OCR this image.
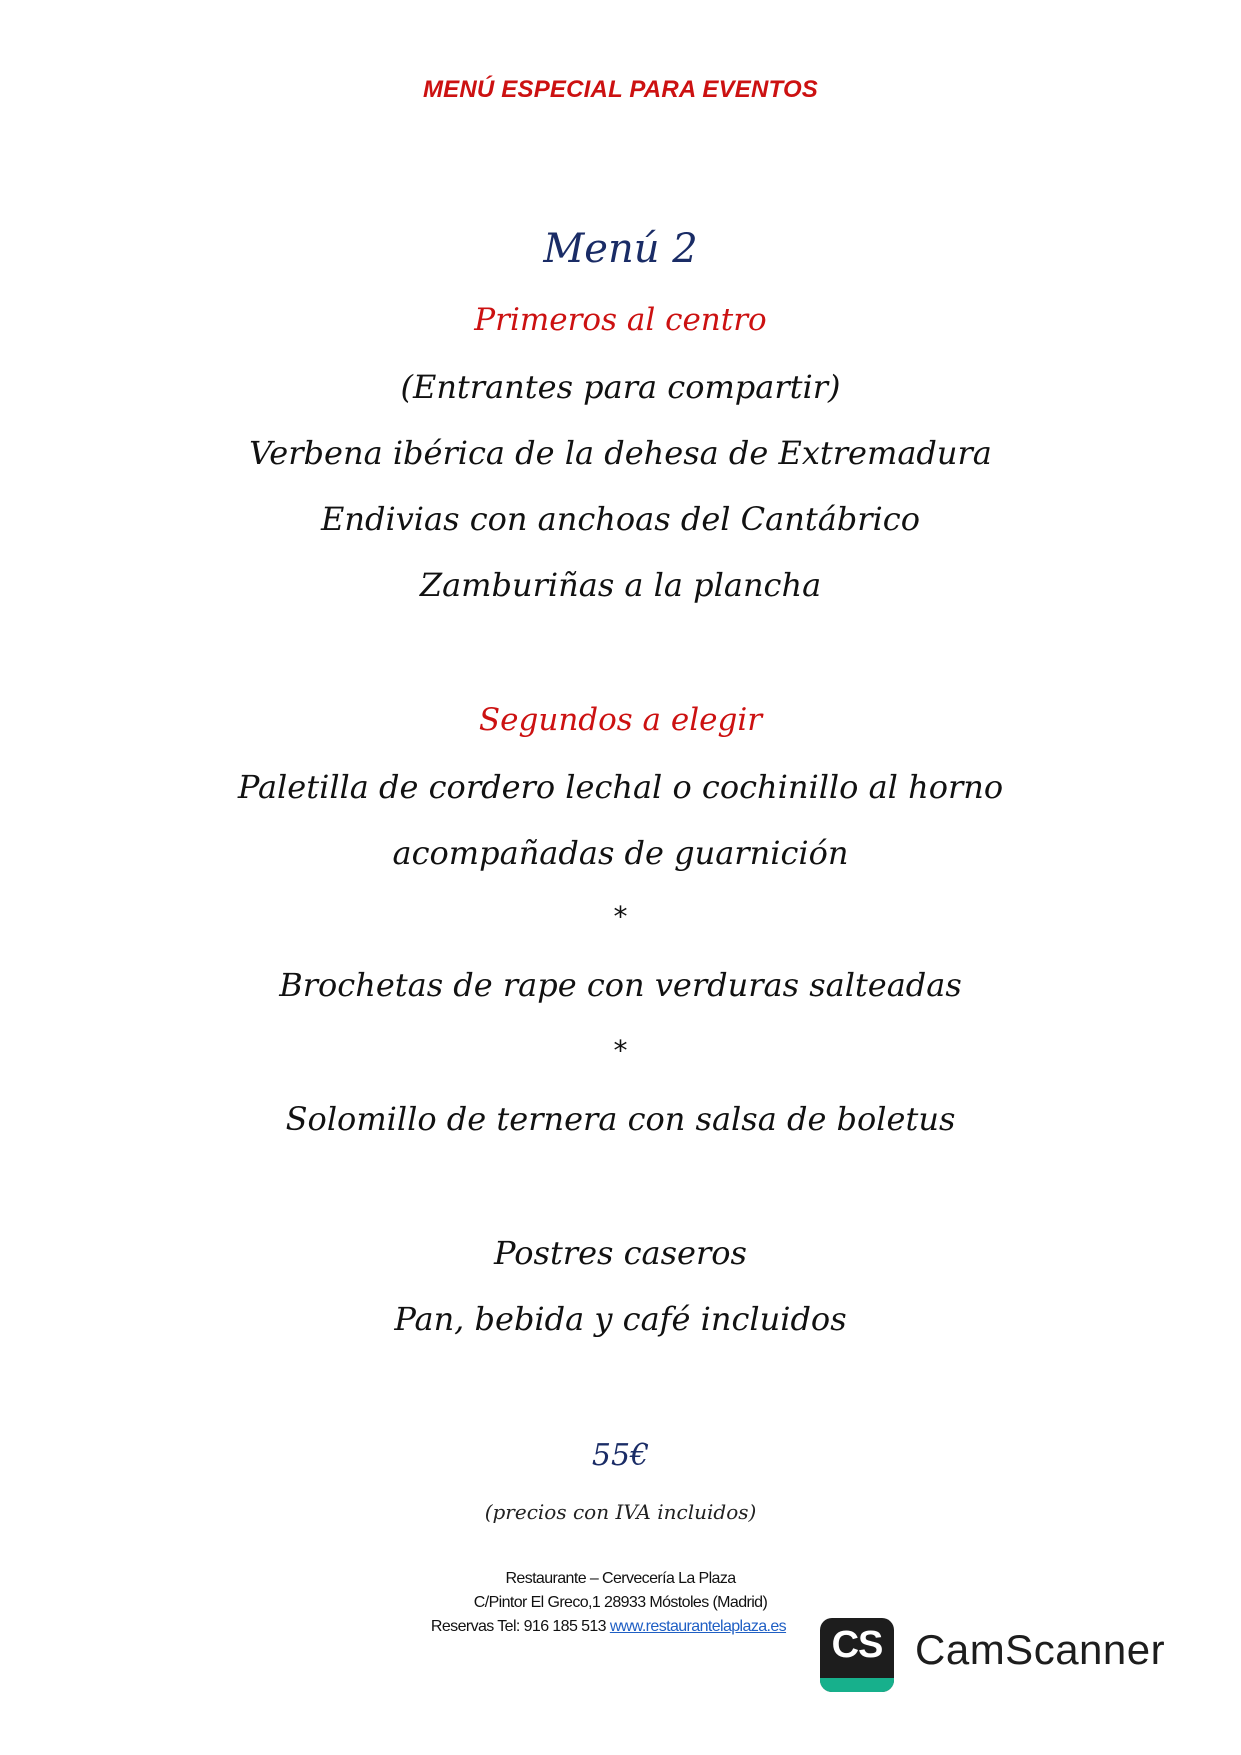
MENÚ ESPECIAL PARA EVENTOS
Menú 2
Primeros al centro
(Entrantes para compartir)
Verbena ibérica de la dehesa de Extremadura
Endivias con anchoas del Cantábrico
Zamburiñas a la plancha
Segundos a elegir
Paletilla de cordero lechal o cochinillo al horno
acompañadas de guarnición
*
Brochetas de rape con verduras salteadas
*
Solomillo de ternera con salsa de boletus
Postres caseros
Pan, bebida y café incluidos
55€
(precios con IVA incluidos)
Restaurante – Cervecería La Plaza
C/Pintor El Greco,1 28933 Móstoles (Madrid)
Reservas Tel: 916 185 513 www.restaurantelaplaza.es	CS CamScanner
